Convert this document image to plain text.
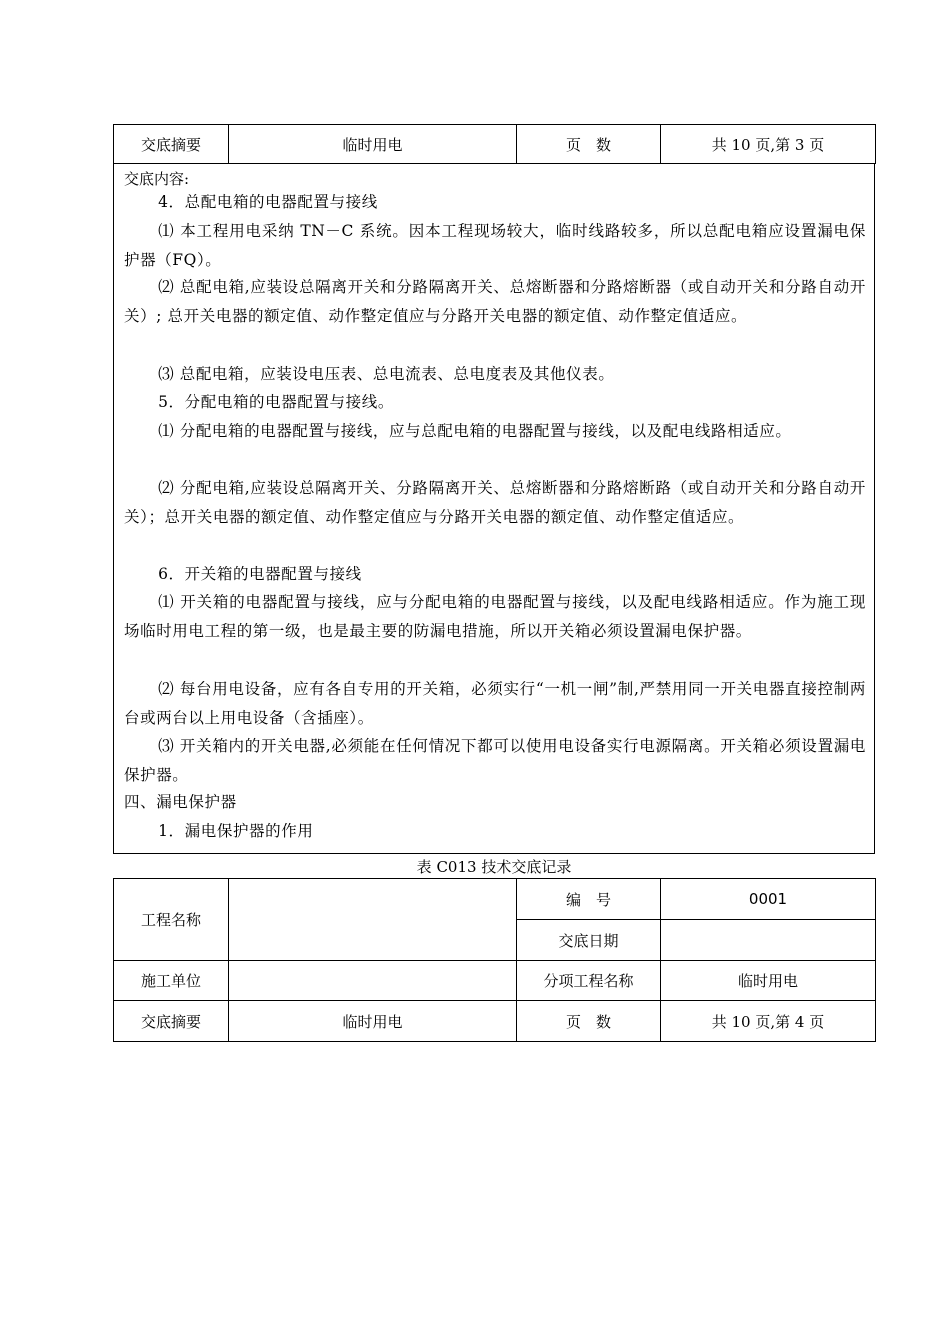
交底摘要	临时用电	页　数	共 10 页,第 3 页
交底内容:
4．总配电箱的电器配置与接线
⑴ 本工程用电采纳 TN－C 系统。因本工程现场较大，临时线路较多，所以总配电箱应设置漏电保护器（FQ）。
⑵ 总配电箱,应装设总隔离开关和分路隔离开关、总熔断器和分路熔断器（或自动开关和分路自动开关）; 总开关电器的额定值、动作整定值应与分路开关电器的额定值、动作整定值适应。
⑶ 总配电箱，应装设电压表、总电流表、总电度表及其他仪表。
5．分配电箱的电器配置与接线。
⑴ 分配电箱的电器配置与接线，应与总配电箱的电器配置与接线，以及配电线路相适应。
⑵ 分配电箱,应装设总隔离开关、分路隔离开关、总熔断器和分路熔断路（或自动开关和分路自动开关）；总开关电器的额定值、动作整定值应与分路开关电器的额定值、动作整定值适应。
6．开关箱的电器配置与接线
⑴ 开关箱的电器配置与接线，应与分配电箱的电器配置与接线，以及配电线路相适应。作为施工现场临时用电工程的第一级，也是最主要的防漏电措施，所以开关箱必须设置漏电保护器。
⑵ 每台用电设备，应有各自专用的开关箱，必须实行“一机一闸”制,严禁用同一开关电器直接控制两台或两台以上用电设备（含插座）。
⑶ 开关箱内的开关电器,必须能在任何情况下都可以使用电设备实行电源隔离。开关箱必须设置漏电保护器。
四、漏电保护器
1．漏电保护器的作用
表 C013 技术交底记录
工程名称		编　号	0001
		交底日期	
施工单位		分项工程名称	临时用电
交底摘要	临时用电	页　数	共 10 页,第 4 页
